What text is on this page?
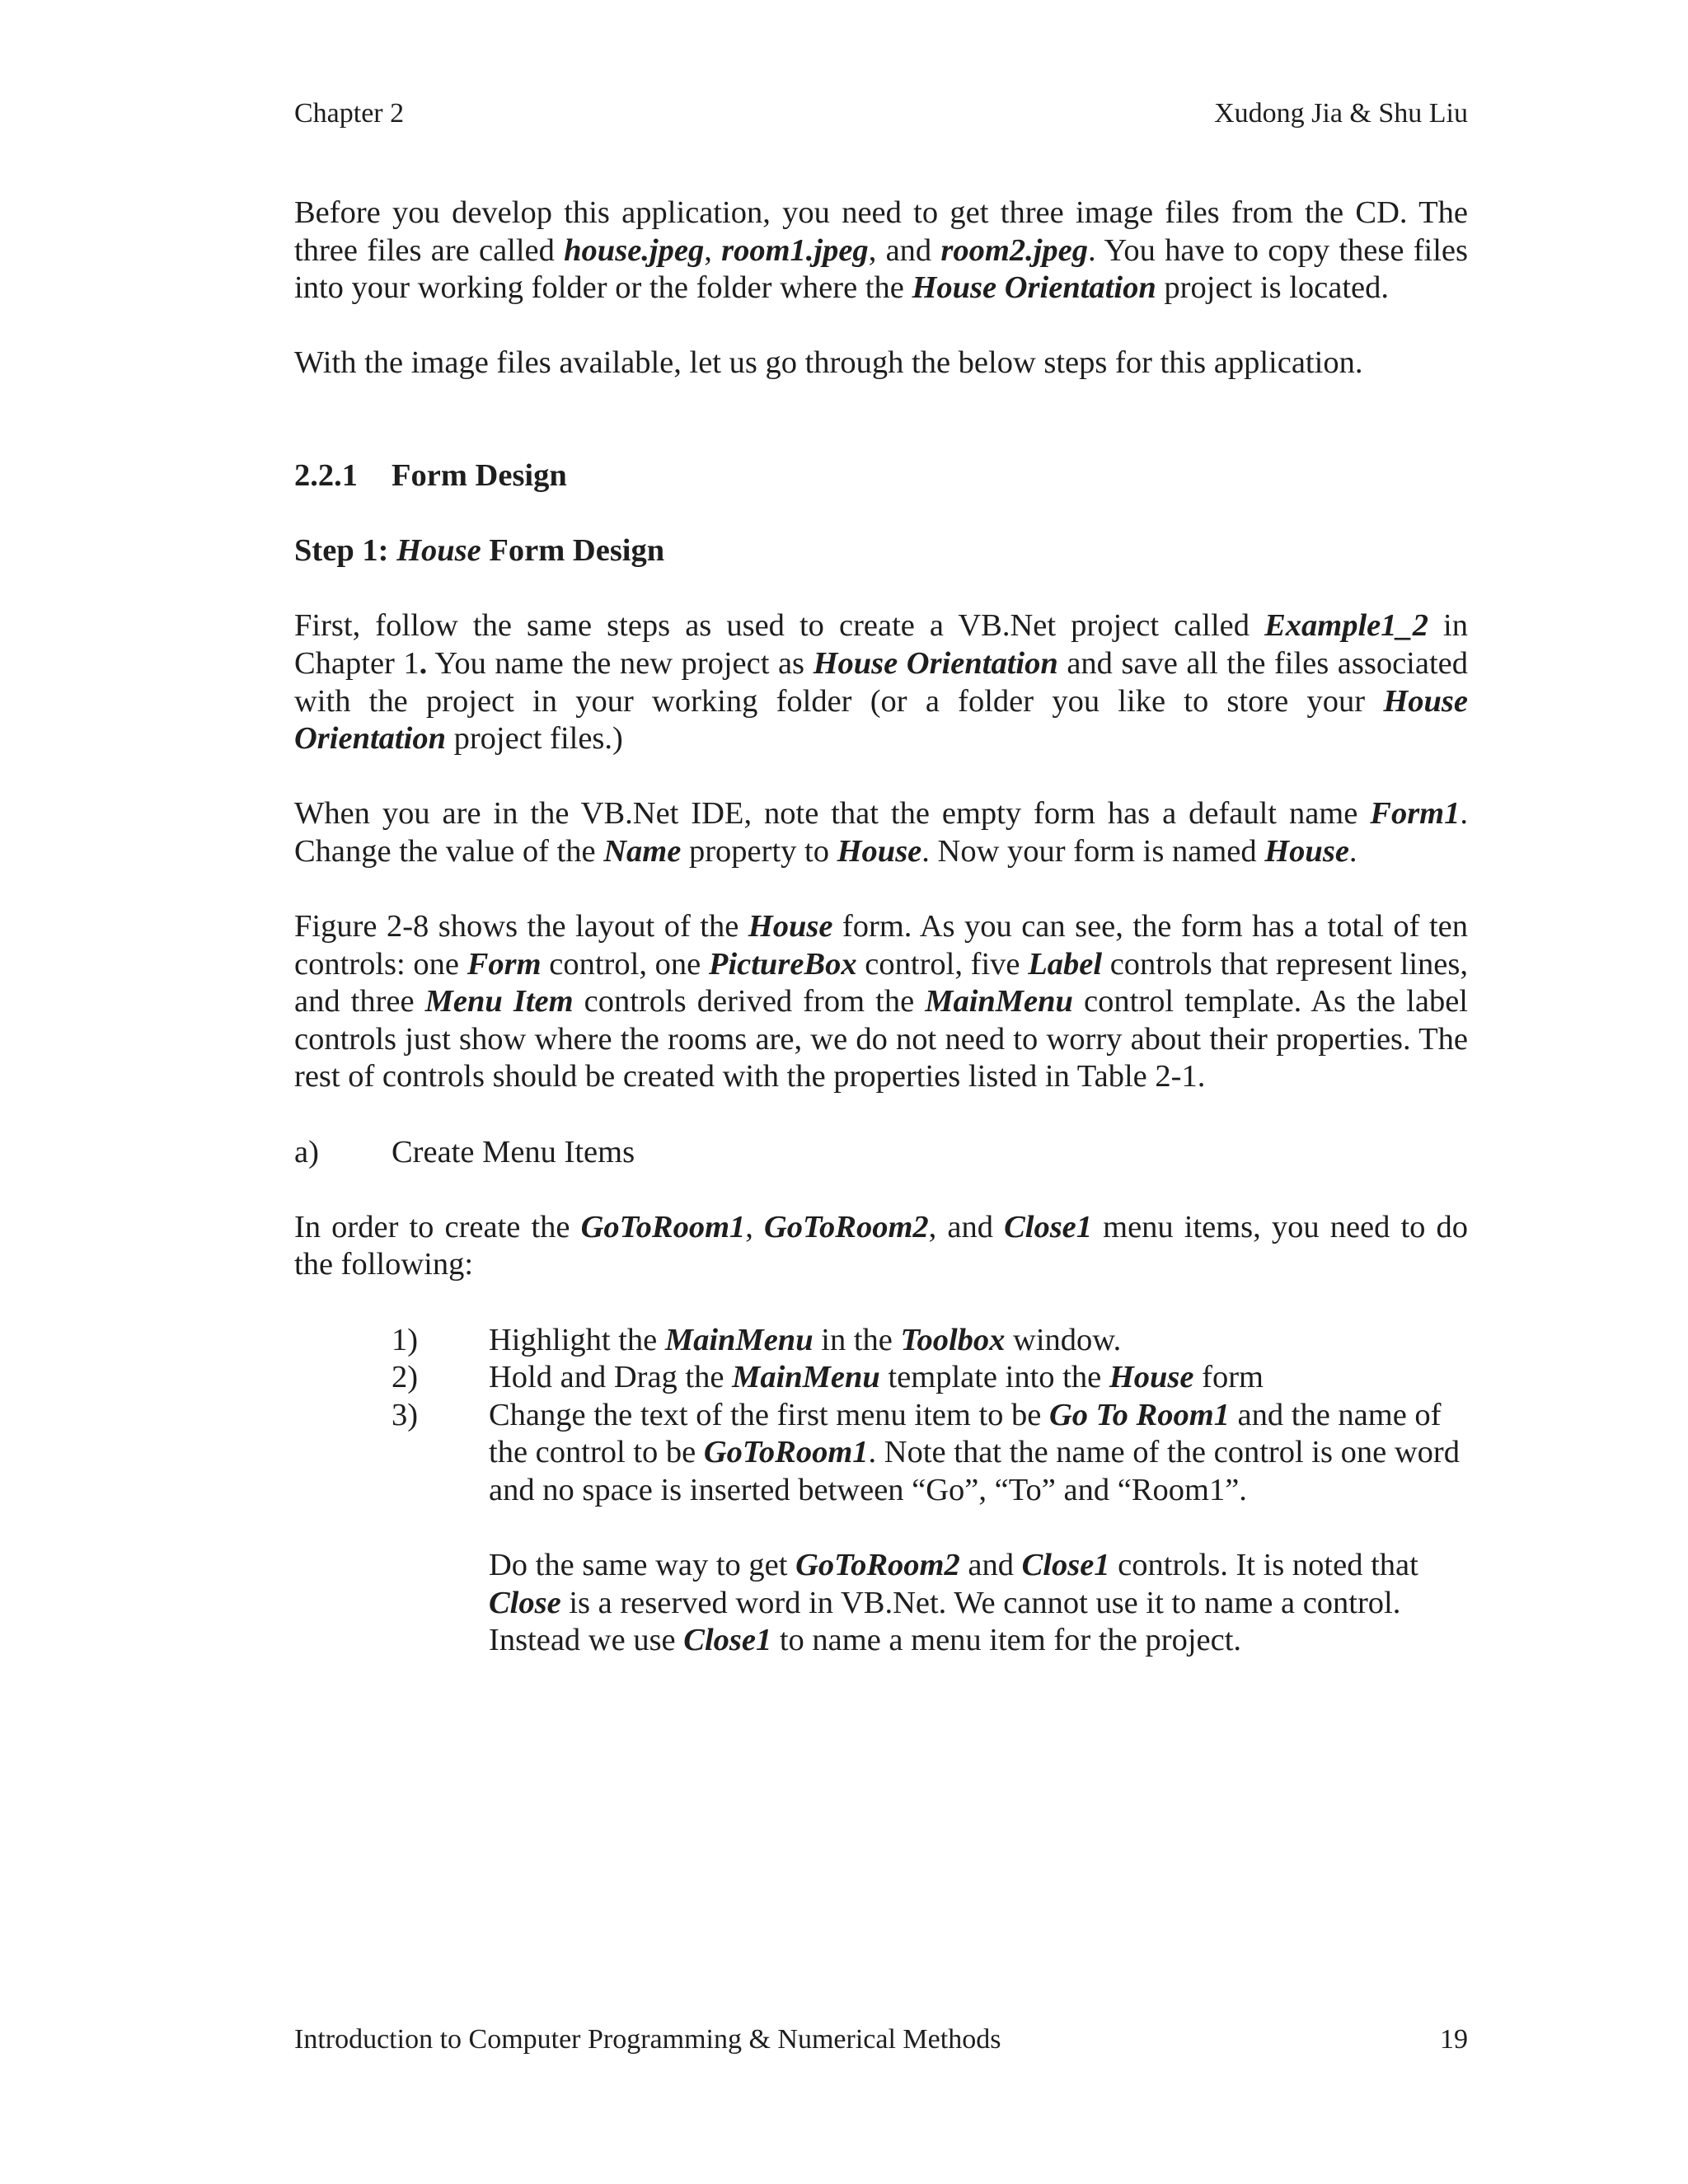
Chapter 2	Xudong Jia & Shu Liu

Before you develop this application, you need to get three image files from the CD. The three files are called house.jpeg, room1.jpeg, and room2.jpeg. You have to copy these files into your working folder or the folder where the House Orientation project is located.

With the image files available, let us go through the below steps for this application.

2.2.1 Form Design
Step 1: House Form Design

First, follow the same steps as used to create a VB.Net project called Example1_2 in Chapter 1. You name the new project as House Orientation and save all the files associated with the project in your working folder (or a folder you like to store your House Orientation project files.)

When you are in the VB.Net IDE, note that the empty form has a default name Form1. Change the value of the Name property to House. Now your form is named House.

Figure 2-8 shows the layout of the House form. As you can see, the form has a total of ten controls: one Form control, one PictureBox control, five Label controls that represent lines, and three Menu Item controls derived from the MainMenu control template. As the label controls just show where the rooms are, we do not need to worry about their properties. The rest of controls should be created with the properties listed in Table 2-1.

a)	Create Menu Items

In order to create the GoToRoom1, GoToRoom2, and Close1 menu items, you need to do the following:

1)	Highlight the MainMenu in the Toolbox window.
2)	Hold and Drag the MainMenu template into the House form
3)	Change the text of the first menu item to be Go To Room1 and the name of the control to be GoToRoom1. Note that the name of the control is one word and no space is inserted between “Go”, “To” and “Room1”.

Do the same way to get GoToRoom2 and Close1 controls. It is noted that Close is a reserved word in VB.Net. We cannot use it to name a control. Instead we use Close1 to name a menu item for the project.

Introduction to Computer Programming & Numerical Methods	19
